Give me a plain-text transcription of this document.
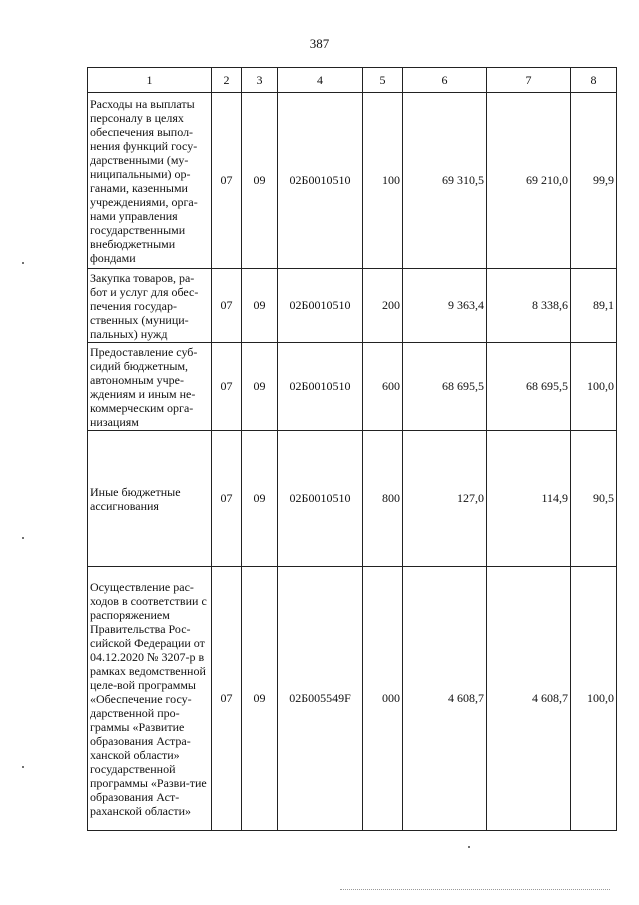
387
1	2	3	4	5	6	7	8
Расходы на выплаты персоналу в целях обеспечения выпол-нения функций госу-дарственными (му-ниципальными) ор-ганами, казенными учреждениями, орга-нами управления государственными внебюджетными фондами	07	09	02Б0010510	100	69 310,5	69 210,0	99,9
Закупка товаров, ра-бот и услуг для обес-печения государ-ственных (муници-пальных) нужд	07	09	02Б0010510	200	9 363,4	8 338,6	89,1
Предоставление суб-сидий бюджетным, автономным учре-ждениям и иным не-коммерческим орга-низациям	07	09	02Б0010510	600	68 695,5	68 695,5	100,0
Иные бюджетные ассигнования	07	09	02Б0010510	800	127,0	114,9	90,5
Осуществление рас-ходов в соответствии с распоряжением Правительства Рос-сийской Федерации от 04.12.2020 № 3207-р в рамках ведомственной целе-вой программы «Обеспечение госу-дарственной про-граммы «Развитие образования Астра-ханской области» государственной программы «Разви-тие образования Аст-раханской области»	07	09	02Б005549F	000	4 608,7	4 608,7	100,0
